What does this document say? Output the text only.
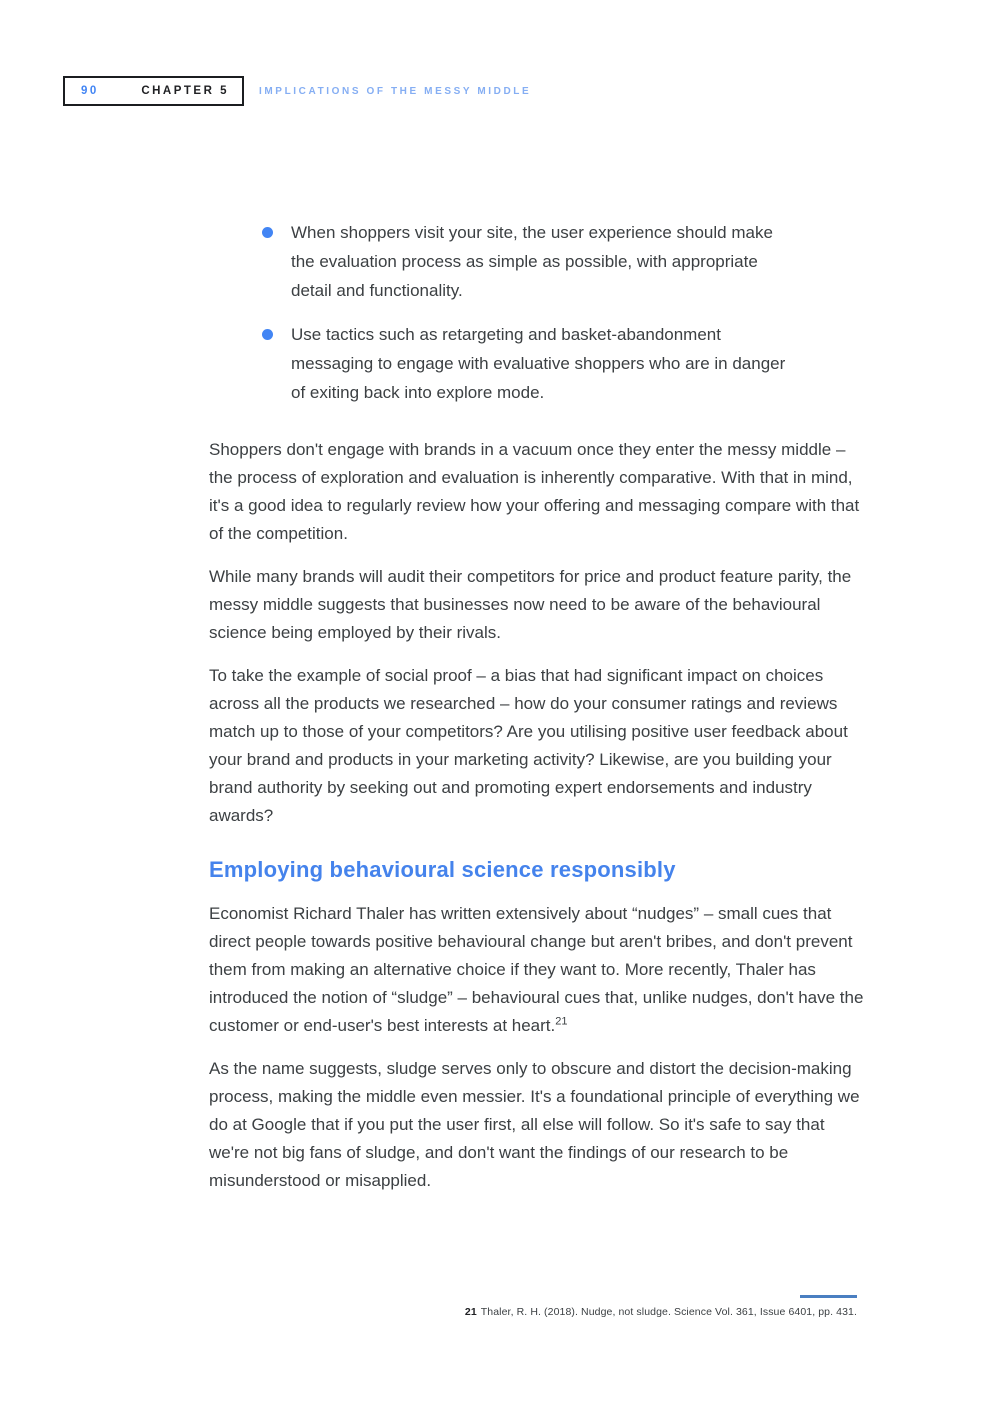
90	CHAPTER 5	IMPLICATIONS OF THE MESSY MIDDLE
When shoppers visit your site, the user experience should make the evaluation process as simple as possible, with appropriate detail and functionality.
Use tactics such as retargeting and basket-abandonment messaging to engage with evaluative shoppers who are in danger of exiting back into explore mode.

Shoppers don't engage with brands in a vacuum once they enter the messy middle – the process of exploration and evaluation is inherently comparative. With that in mind, it's a good idea to regularly review how your offering and messaging compare with that of the competition.

While many brands will audit their competitors for price and product feature parity, the messy middle suggests that businesses now need to be aware of the behavioural science being employed by their rivals.

To take the example of social proof – a bias that had significant impact on choices across all the products we researched – how do your consumer ratings and reviews match up to those of your competitors? Are you utilising positive user feedback about your brand and products in your marketing activity? Likewise, are you building your brand authority by seeking out and promoting expert endorsements and industry awards?

Employing behavioural science responsibly

Economist Richard Thaler has written extensively about “nudges” – small cues that direct people towards positive behavioural change but aren't bribes, and don't prevent them from making an alternative choice if they want to. More recently, Thaler has introduced the notion of “sludge” – behavioural cues that, unlike nudges, don't have the customer or end-user's best interests at heart.$^{21}$

As the name suggests, sludge serves only to obscure and distort the decision-making process, making the middle even messier. It's a foundational principle of everything we do at Google that if you put the user first, all else will follow. So it's safe to say that we're not big fans of sludge, and don't want the findings of our research to be misunderstood or misapplied.

21 Thaler, R. H. (2018). Nudge, not sludge. Science Vol. 361, Issue 6401, pp. 431.
